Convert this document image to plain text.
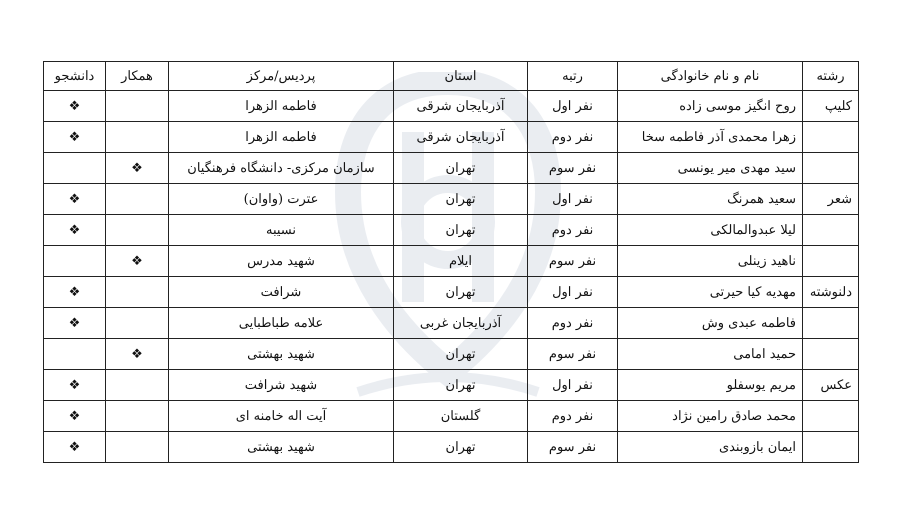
رشته	نام و نام خانوادگی	رتبه	استان	پردیس/مرکز	همکار	دانشجو
کلیپ	روح انگیز موسی زاده	نفر اول	آذربایجان شرقی	فاطمه الزهرا		❖
	زهرا محمدی آذر فاطمه سخا	نفر دوم	آذربایجان شرقی	فاطمه الزهرا		❖
	سید مهدی میر یونسی	نفر سوم	تهران	سازمان مرکزی- دانشگاه فرهنگیان	❖	
شعر	سعید همرنگ	نفر اول	تهران	عترت (واوان)		❖
	لیلا عبدوالمالکی	نفر دوم	تهران	نسیبه		❖
	ناهید زینلی	نفر سوم	ایلام	شهید مدرس	❖	
دلنوشته	مهدیه کیا حیرتی	نفر اول	تهران	شرافت		❖
	فاطمه عبدی وش	نفر دوم	آذربایجان غربی	علامه طباطبایی		❖
	حمید امامی	نفر سوم	تهران	شهید بهشتی	❖	
عکس	مریم یوسفلو	نفر اول	تهران	شهید شرافت		❖
	محمد صادق رامین نژاد	نفر دوم	گلستان	آیت اله خامنه ای		❖
	ایمان بازوبندی	نفر سوم	تهران	شهید بهشتی		❖
